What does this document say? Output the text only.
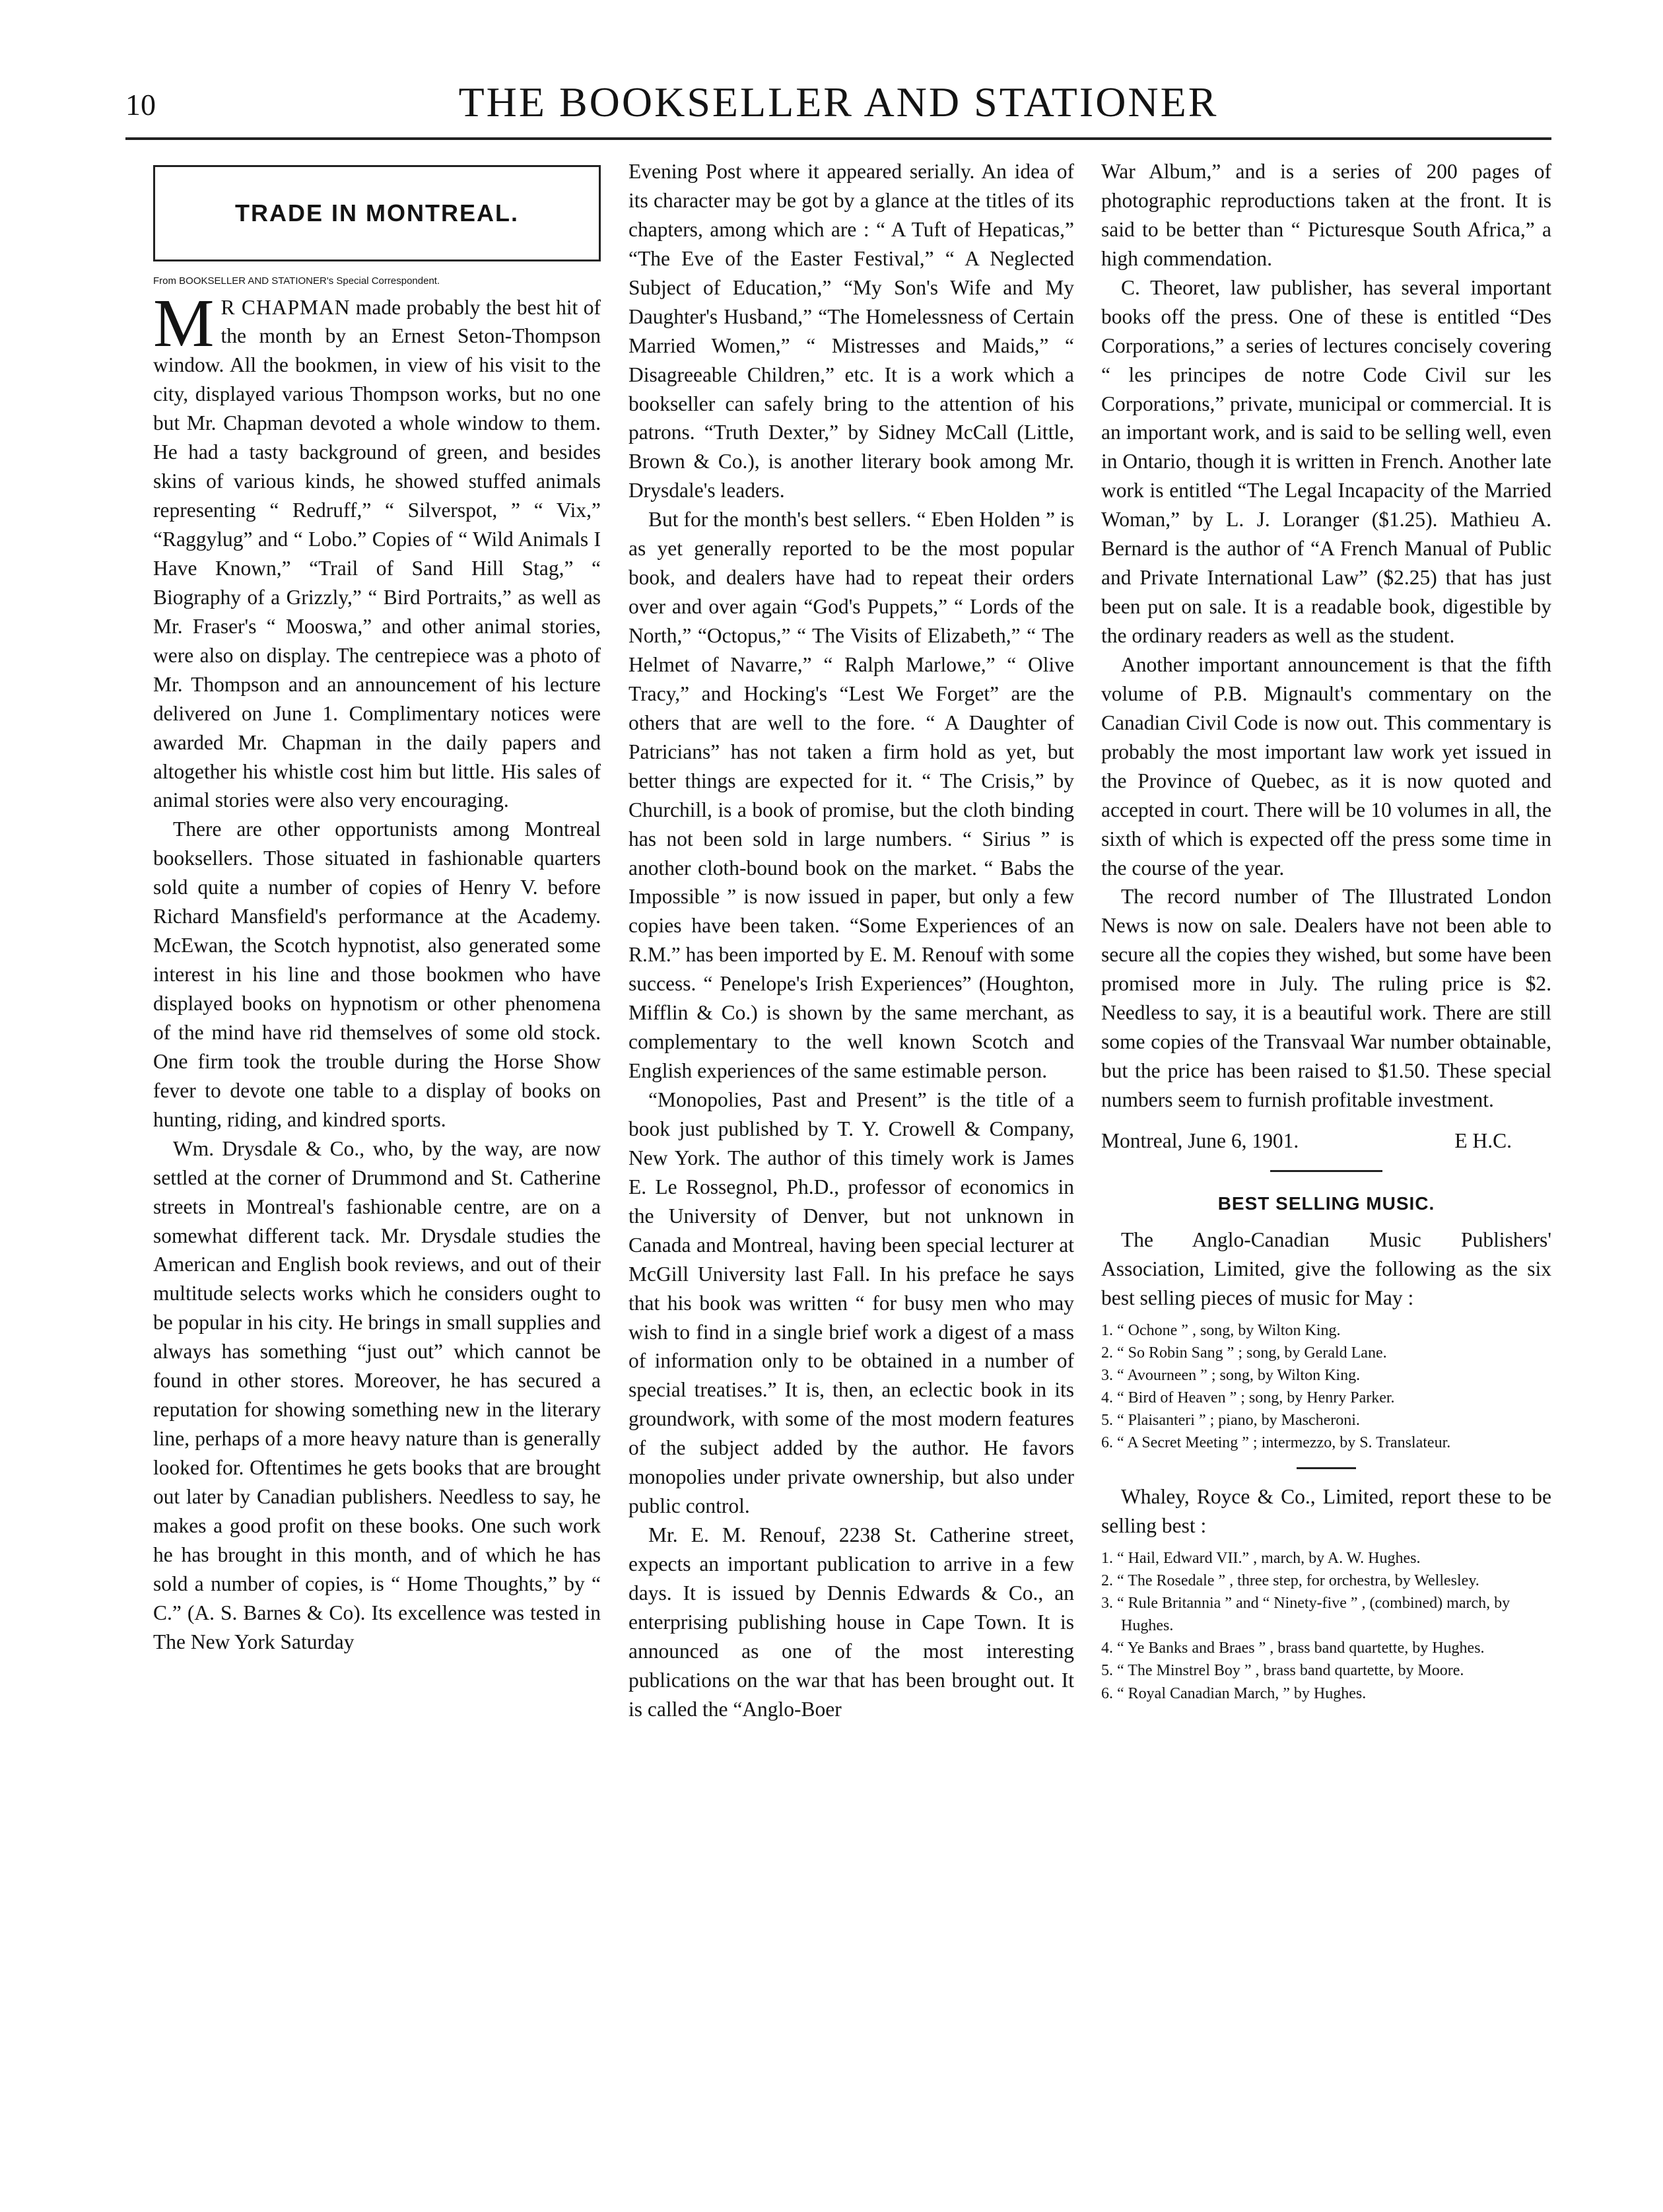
10	THE BOOKSELLER AND STATIONER
TRADE IN MONTREAL.
From BOOKSELLER AND STATIONER's Special Correspondent.

M R CHAPMAN made probably the best hit of the month by an Ernest Seton-Thompson window. All the bookmen, in view of his visit to the city, displayed various Thompson works, but no one but Mr. Chapman devoted a whole window to them. He had a tasty background of green, and besides skins of various kinds, he showed stuffed animals representing “ Redruff,” “ Silverspot, ” “ Vix,” “Raggylug” and “ Lobo.” Copies of “ Wild Animals I Have Known,” “Trail of Sand Hill Stag,” “ Biography of a Grizzly,” “ Bird Portraits,” as well as Mr. Fraser's “ Mooswa,” and other animal stories, were also on display. The centrepiece was a photo of Mr. Thompson and an announcement of his lecture delivered on June 1. Complimentary notices were awarded Mr. Chapman in the daily papers and altogether his whistle cost him but little. His sales of animal stories were also very encouraging.

There are other opportunists among Montreal booksellers. Those situated in fashionable quarters sold quite a number of copies of Henry V. before Richard Mansfield's performance at the Academy. McEwan, the Scotch hypnotist, also generated some interest in his line and those bookmen who have displayed books on hypnotism or other phenomena of the mind have rid themselves of some old stock. One firm took the trouble during the Horse Show fever to devote one table to a display of books on hunting, riding, and kindred sports.

Wm. Drysdale & Co., who, by the way, are now settled at the corner of Drummond and St. Catherine streets in Montreal's fashionable centre, are on a somewhat different tack. Mr. Drysdale studies the American and English book reviews, and out of their multitude selects works which he considers ought to be popular in his city. He brings in small supplies and always has something “just out” which cannot be found in other stores. Moreover, he has secured a reputation for showing something new in the literary line, perhaps of a more heavy nature than is generally looked for. Oftentimes he gets books that are brought out later by Canadian publishers. Needless to say, he makes a good profit on these books. One such work he has brought in this month, and of which he has sold a number of copies, is “ Home Thoughts,” by “ C.” (A. S. Barnes & Co). Its excellence was tested in The New York Saturday

Evening Post where it appeared serially. An idea of its character may be got by a glance at the titles of its chapters, among which are : “ A Tuft of Hepaticas,” “The Eve of the Easter Festival,” “ A Neglected Subject of Education,” “My Son's Wife and My Daughter's Husband,” “The Homelessness of Certain Married Women,” “ Mistresses and Maids,” “ Disagreeable Children,” etc. It is a work which a bookseller can safely bring to the attention of his patrons. “Truth Dexter,” by Sidney McCall (Little, Brown & Co.), is another literary book among Mr. Drysdale's leaders.

But for the month's best sellers. “ Eben Holden ” is as yet generally reported to be the most popular book, and dealers have had to repeat their orders over and over again “God's Puppets,” “ Lords of the North,” “Octopus,” “ The Visits of Elizabeth,” “ The Helmet of Navarre,” “ Ralph Marlowe,” “ Olive Tracy,” and Hocking's “Lest We Forget” are the others that are well to the fore. “ A Daughter of Patricians” has not taken a firm hold as yet, but better things are expected for it. “ The Crisis,” by Churchill, is a book of promise, but the cloth binding has not been sold in large numbers. “ Sirius ” is another cloth-bound book on the market. “ Babs the Impossible ” is now issued in paper, but only a few copies have been taken. “Some Experiences of an R.M.” has been imported by E. M. Renouf with some success. “ Penelope's Irish Experiences” (Houghton, Mifflin & Co.) is shown by the same merchant, as complementary to the well known Scotch and English experiences of the same estimable person.

“Monopolies, Past and Present” is the title of a book just published by T. Y. Crowell & Company, New York. The author of this timely work is James E. Le Rossegnol, Ph.D., professor of economics in the University of Denver, but not unknown in Canada and Montreal, having been special lecturer at McGill University last Fall. In his preface he says that his book was written “ for busy men who may wish to find in a single brief work a digest of a mass of information only to be obtained in a number of special treatises.” It is, then, an eclectic book in its groundwork, with some of the most modern features of the subject added by the author. He favors monopolies under private ownership, but also under public control.

Mr. E. M. Renouf, 2238 St. Catherine street, expects an important publication to arrive in a few days. It is issued by Dennis Edwards & Co., an enterprising publishing house in Cape Town. It is announced as one of the most interesting publications on the war that has been brought out. It is called the “Anglo-Boer

War Album,” and is a series of 200 pages of photographic reproductions taken at the front. It is said to be better than “ Picturesque South Africa,” a high commendation.

C. Theoret, law publisher, has several important books off the press. One of these is entitled “Des Corporations,” a series of lectures concisely covering “ les principes de notre Code Civil sur les Corporations,” private, municipal or commercial. It is an important work, and is said to be selling well, even in Ontario, though it is written in French. Another late work is entitled “The Legal Incapacity of the Married Woman,” by L. J. Loranger ($1.25). Mathieu A. Bernard is the author of “A French Manual of Public and Private International Law” ($2.25) that has just been put on sale. It is a readable book, digestible by the ordinary readers as well as the student.

Another important announcement is that the fifth volume of P.B. Mignault's commentary on the Canadian Civil Code is now out. This commentary is probably the most important law work yet issued in the Province of Quebec, as it is now quoted and accepted in court. There will be 10 volumes in all, the sixth of which is expected off the press some time in the course of the year.

The record number of The Illustrated London News is now on sale. Dealers have not been able to secure all the copies they wished, but some have been promised more in July. The ruling price is $2. Needless to say, it is a beautiful work. There are still some copies of the Transvaal War number obtainable, but the price has been raised to $1.50. These special numbers seem to furnish profitable investment.

Montreal, June 6, 1901.	E H.C.
BEST SELLING MUSIC.

The Anglo-Canadian Music Publishers' Association, Limited, give the following as the six best selling pieces of music for May :

1. “ Ochone ” , song, by Wilton King.
2. “ So Robin Sang ” ; song, by Gerald Lane.
3. “ Avourneen ” ; song, by Wilton King.
4. “ Bird of Heaven ” ; song, by Henry Parker.
5. “ Plaisanteri ” ; piano, by Mascheroni.
6. “ A Secret Meeting ” ; intermezzo, by S. Translateur.

Whaley, Royce & Co., Limited, report these to be selling best :

1. “ Hail, Edward VII.” , march, by A. W. Hughes.
2. “ The Rosedale ” , three step, for orchestra, by Wellesley.
3. “ Rule Britannia ” and “ Ninety-five ” , (combined) march, by Hughes.
4. “ Ye Banks and Braes ” , brass band quartette, by Hughes.
5. “ The Minstrel Boy ” , brass band quartette, by Moore.
6. “ Royal Canadian March, ” by Hughes.
